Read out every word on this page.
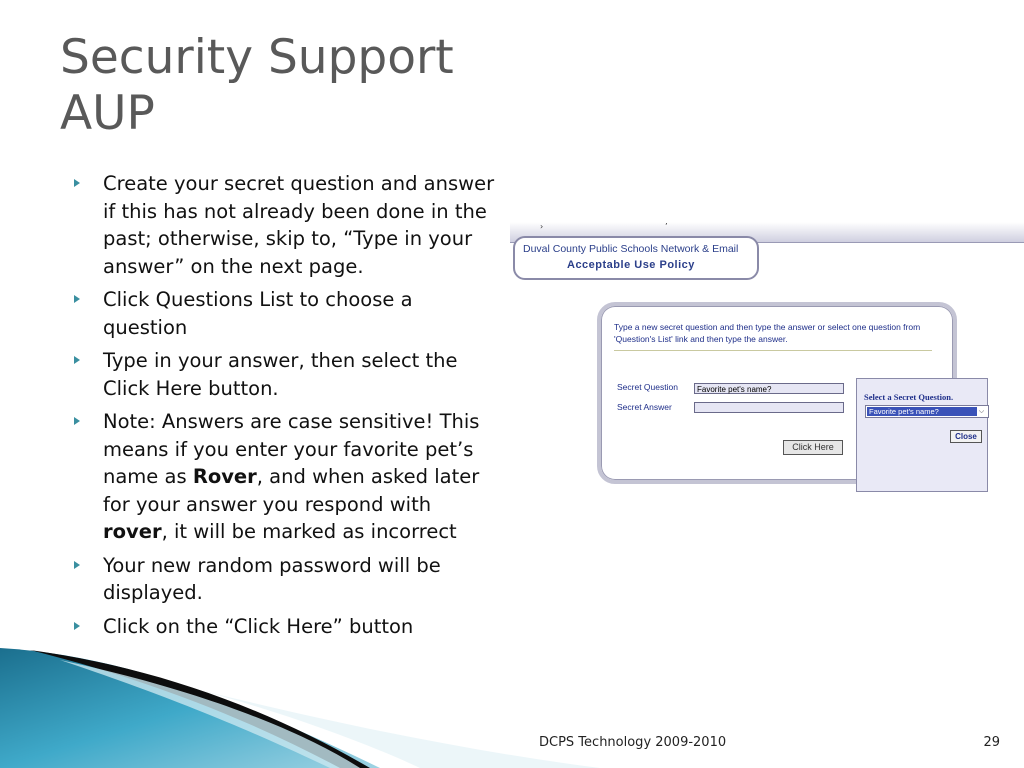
Security Support
AUP
Create your secret question and answer if this has not already been done in the past; otherwise, skip to, “Type in your answer” on the next page.
Click Questions List to choose a question
Type in your answer, then select the Click Here button.
Note: Answers are case sensitive! This means if you enter your favorite pet’s name as Rover, and when asked later for your answer you respond with rover, it will be marked as incorrect
Your new random password will be displayed.
Click on the “Click Here” button
›	’
Duval County Public Schools Network & Email
Acceptable Use Policy
Type a new secret question and then type the answer or select one question from 'Question's List' link and then type the answer.
Secret Question	Favorite pet's name?
Secret Answer
Click Here
Select a Secret Question.
Favorite pet's name?	⌵
Close
DCPS Technology 2009-2010	29
